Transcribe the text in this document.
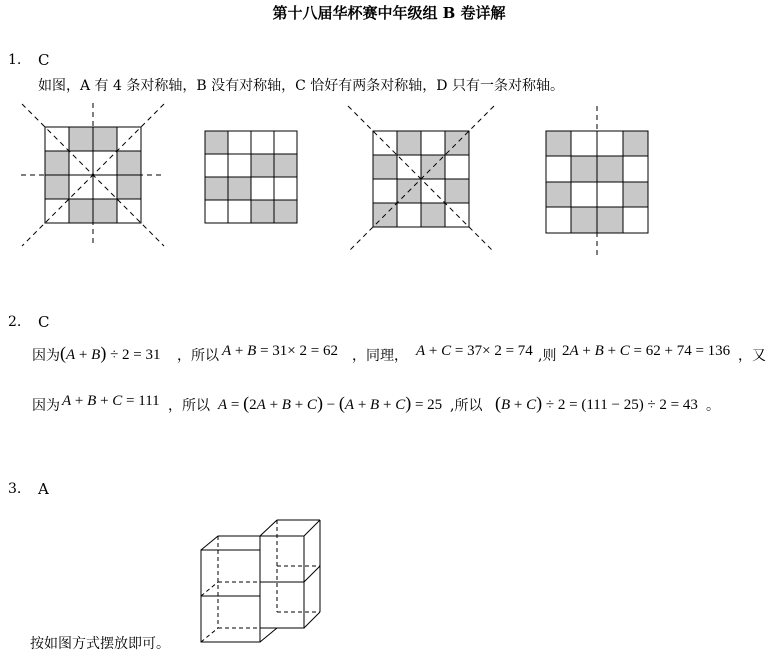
第十八届华杯赛中年级组 B 卷详解
1. C
如图，A 有 4 条对称轴，B 没有对称轴，C 恰好有两条对称轴，D 只有一条对称轴。
2. C
因为 (A + B) ÷ 2 = 31 ，所以 A + B = 31× 2 = 62 ，同理， A + C = 37× 2 = 74 ,则 2A + B + C = 62 + 74 = 136 ，又
因为 A + B + C = 111 ，所以 A = (2A + B + C) − (A + B + C) = 25 ,所以 (B + C) ÷ 2 = (111 − 25) ÷ 2 = 43 。
3. A
按如图方式摆放即可。
